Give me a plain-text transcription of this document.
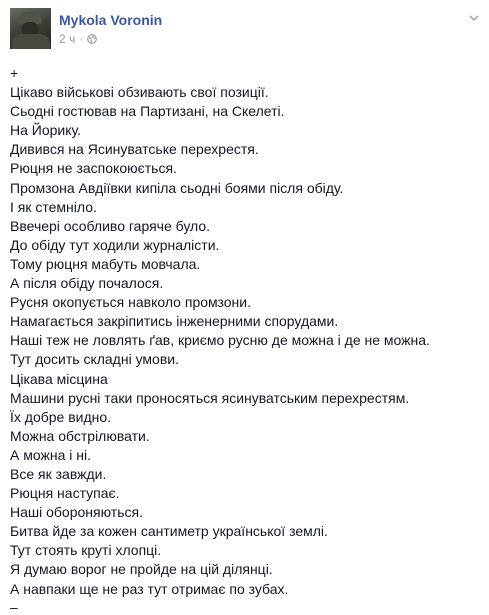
Mykola Voronin
2 ч ·
+
Цікаво військові обзивають свої позиції.
Сьодні гостював на Партизані, на Скелеті.
На Йорику.
Дивився на Ясинуватське перехрестя.
Рюцня не заспокоюється.
Промзона Авдіївки кипіла сьодні боями після обіду.
І як стемніло.
Ввечері особливо гаряче було.
До обіду тут ходили журналісти.
Тому рюцня мабуть мовчала.
А після обіду почалося.
Русня окопується навколо промзони.
Намагається закріпитись інженерними спорудами.
Наші теж не ловлять ґав, криємо русню де можна і де не можна.
Тут досить складні умови.
Цікава місцина
Машини русні таки проносяться ясинуватським перехрестям.
Їх добре видно.
Можна обстрілювати.
А можна і ні.
Все як завжди.
Рюцня наступає.
Наші обороняються.
Битва йде за кожен сантиметр української землі.
Тут стоять круті хлопці.
Я думаю ворог не пройде на цій ділянці.
А навпаки ще не раз тут отримає по зубах.
–
